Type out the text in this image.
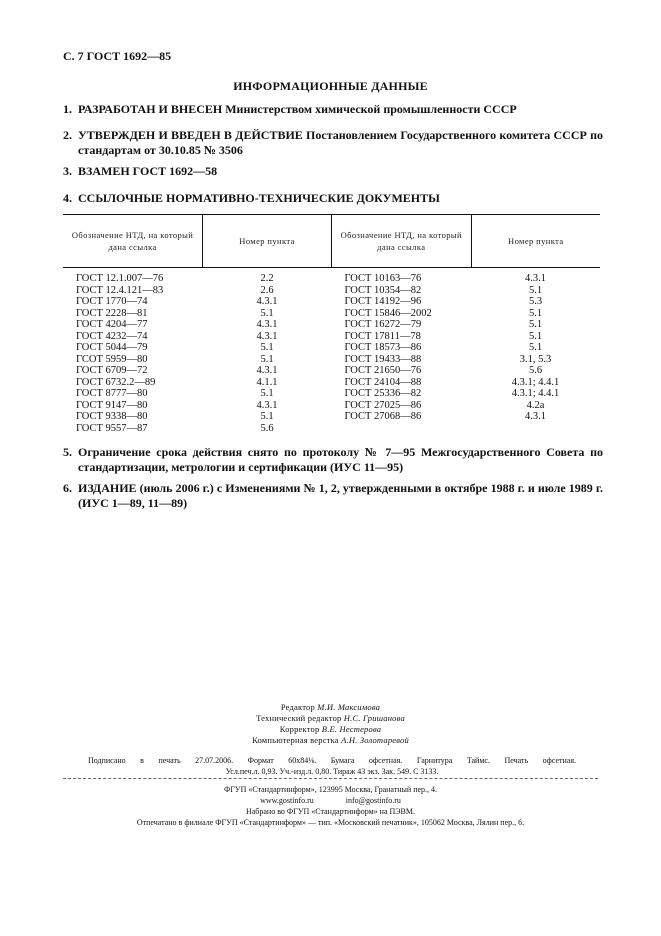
С. 7 ГОСТ 1692—85
ИНФОРМАЦИОННЫЕ ДАННЫЕ
1. РАЗРАБОТАН И ВНЕСЕН Министерством химической промышленности СССР
2. УТВЕРЖДЕН И ВВЕДЕН В ДЕЙСТВИЕ Постановлением Государственного комитета СССР по стандартам от 30.10.85 № 3506
3. ВЗАМЕН ГОСТ 1692—58
4. ССЫЛОЧНЫЕ НОРМАТИВНО-ТЕХНИЧЕСКИЕ ДОКУМЕНТЫ
Обозначение НТД, на который дана ссылка	Номер пункта	Обозначение НТД, на который дана ссылка	Номер пункта
ГОСТ 12.1.007—76	2.2	ГОСТ 10163—76	4.3.1
ГОСТ 12.4.121—83	2.6	ГОСТ 10354—82	5.1
ГОСТ 1770—74	4.3.1	ГОСТ 14192—96	5.3
ГОСТ 2228—81	5.1	ГОСТ 15846—2002	5.1
ГОСТ 4204—77	4.3.1	ГОСТ 16272—79	5.1
ГОСТ 4232—74	4.3.1	ГОСТ 17811—78	5.1
ГОСТ 5044—79	5.1	ГОСТ 18573—86	5.1
ГСОТ 5959—80	5.1	ГОСТ 19433—88	3.1, 5.3
ГОСТ 6709—72	4.3.1	ГОСТ 21650—76	5.6
ГОСТ 6732.2—89	4.1.1	ГОСТ 24104—88	4.3.1; 4.4.1
ГОСТ 8777—80	5.1	ГОСТ 25336—82	4.3.1; 4.4.1
ГОСТ 9147—80	4.3.1	ГОСТ 27025—86	4.2а
ГОСТ 9338—80	5.1	ГОСТ 27068—86	4.3.1
ГОСТ 9557—87	5.6		
5. Ограничение срока действия снято по протоколу № 7—95 Межгосударственного Совета по стандартизации, метрологии и сертификации (ИУС 11—95)
6. ИЗДАНИЕ (июль 2006 г.) с Изменениями № 1, 2, утвержденными в октябре 1988 г. и июле 1989 г. (ИУС 1—89, 11—89)
Редактор М.И. Максимова
Технический редактор Н.С. Гришанова
Корректор В.Е. Нестерова
Компьютерная верстка А.Н. Золотаревой
Подписано в печать 27.07.2006. Формат 60x84⅛. Бумага офсетная. Гарнитура Таймс. Печать офсетная.
Усл.печ.л. 0,93. Уч.-изд.л. 0,80. Тираж 43 экз. Зак. 549. С 3133.
ФГУП «Стандартинформ», 123995 Москва, Гранатный пер., 4.
www.gostinfo.ru	info@gostinfo.ru
Набрано во ФГУП «Стандартинформ» на ПЭВМ.
Отпечатано в филиале ФГУП «Стандартинформ» — тип. «Московский печатник», 105062 Москва, Лялин пер., 6.
